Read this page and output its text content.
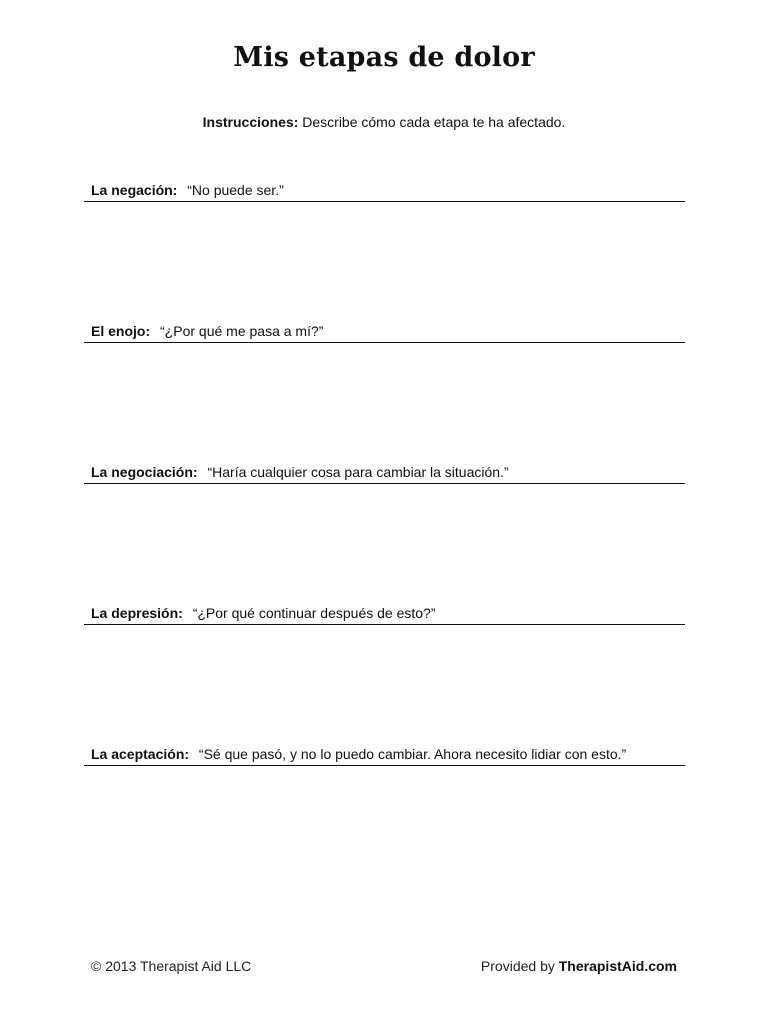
Mis etapas de dolor
Instrucciones: Describe cómo cada etapa te ha afectado.
La negación: “No puede ser.”
El enojo: “¿Por qué me pasa a mí?”
La negociación: “Haría cualquier cosa para cambiar la situación.”
La depresión: “¿Por qué continuar después de esto?”
La aceptación: “Sé que pasó, y no lo puedo cambiar. Ahora necesito lidiar con esto.”
© 2013 Therapist Aid LLC	Provided by TherapistAid.com
